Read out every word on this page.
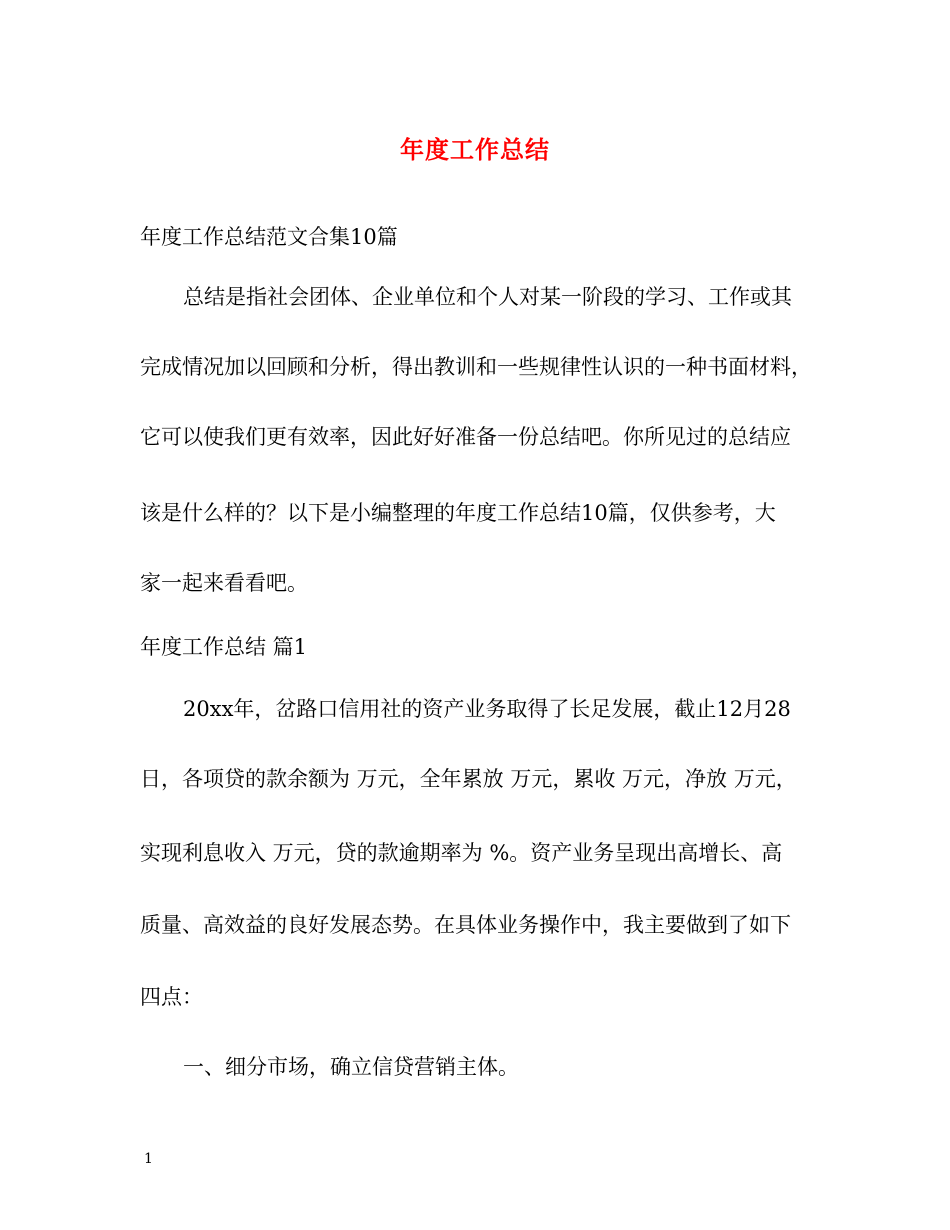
年度工作总结

年度工作总结范文合集10篇

总结是指社会团体、企业单位和个人对某一阶段的学习、工作或其

完成情况加以回顾和分析，得出教训和一些规律性认识的一种书面材料，

它可以使我们更有效率，因此好好准备一份总结吧。你所见过的总结应

该是什么样的？以下是小编整理的年度工作总结10篇，仅供参考，大

家一起来看看吧。

年度工作总结 篇1

20xx年，岔路口信用社的资产业务取得了长足发展，截止12月28

日，各项贷的款余额为 万元，全年累放 万元，累收 万元，净放 万元，

实现利息收入 万元，贷的款逾期率为 %。资产业务呈现出高增长、高

质量、高效益的良好发展态势。在具体业务操作中，我主要做到了如下

四点：

一、细分市场，确立信贷营销主体。

1
